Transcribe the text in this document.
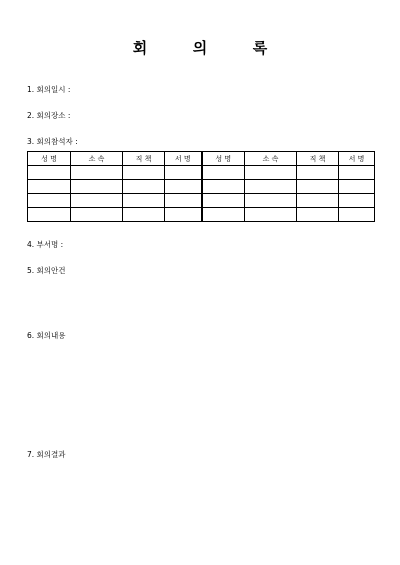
회	의	록
1. 회의일시 :
2. 회의장소 :
3. 회의참석자 :
성 명	소 속	직 책	서 명	성 명	소 속	직 책	서 명

4. 부서명 :
5. 회의안건
6. 회의내용
7. 회의결과
